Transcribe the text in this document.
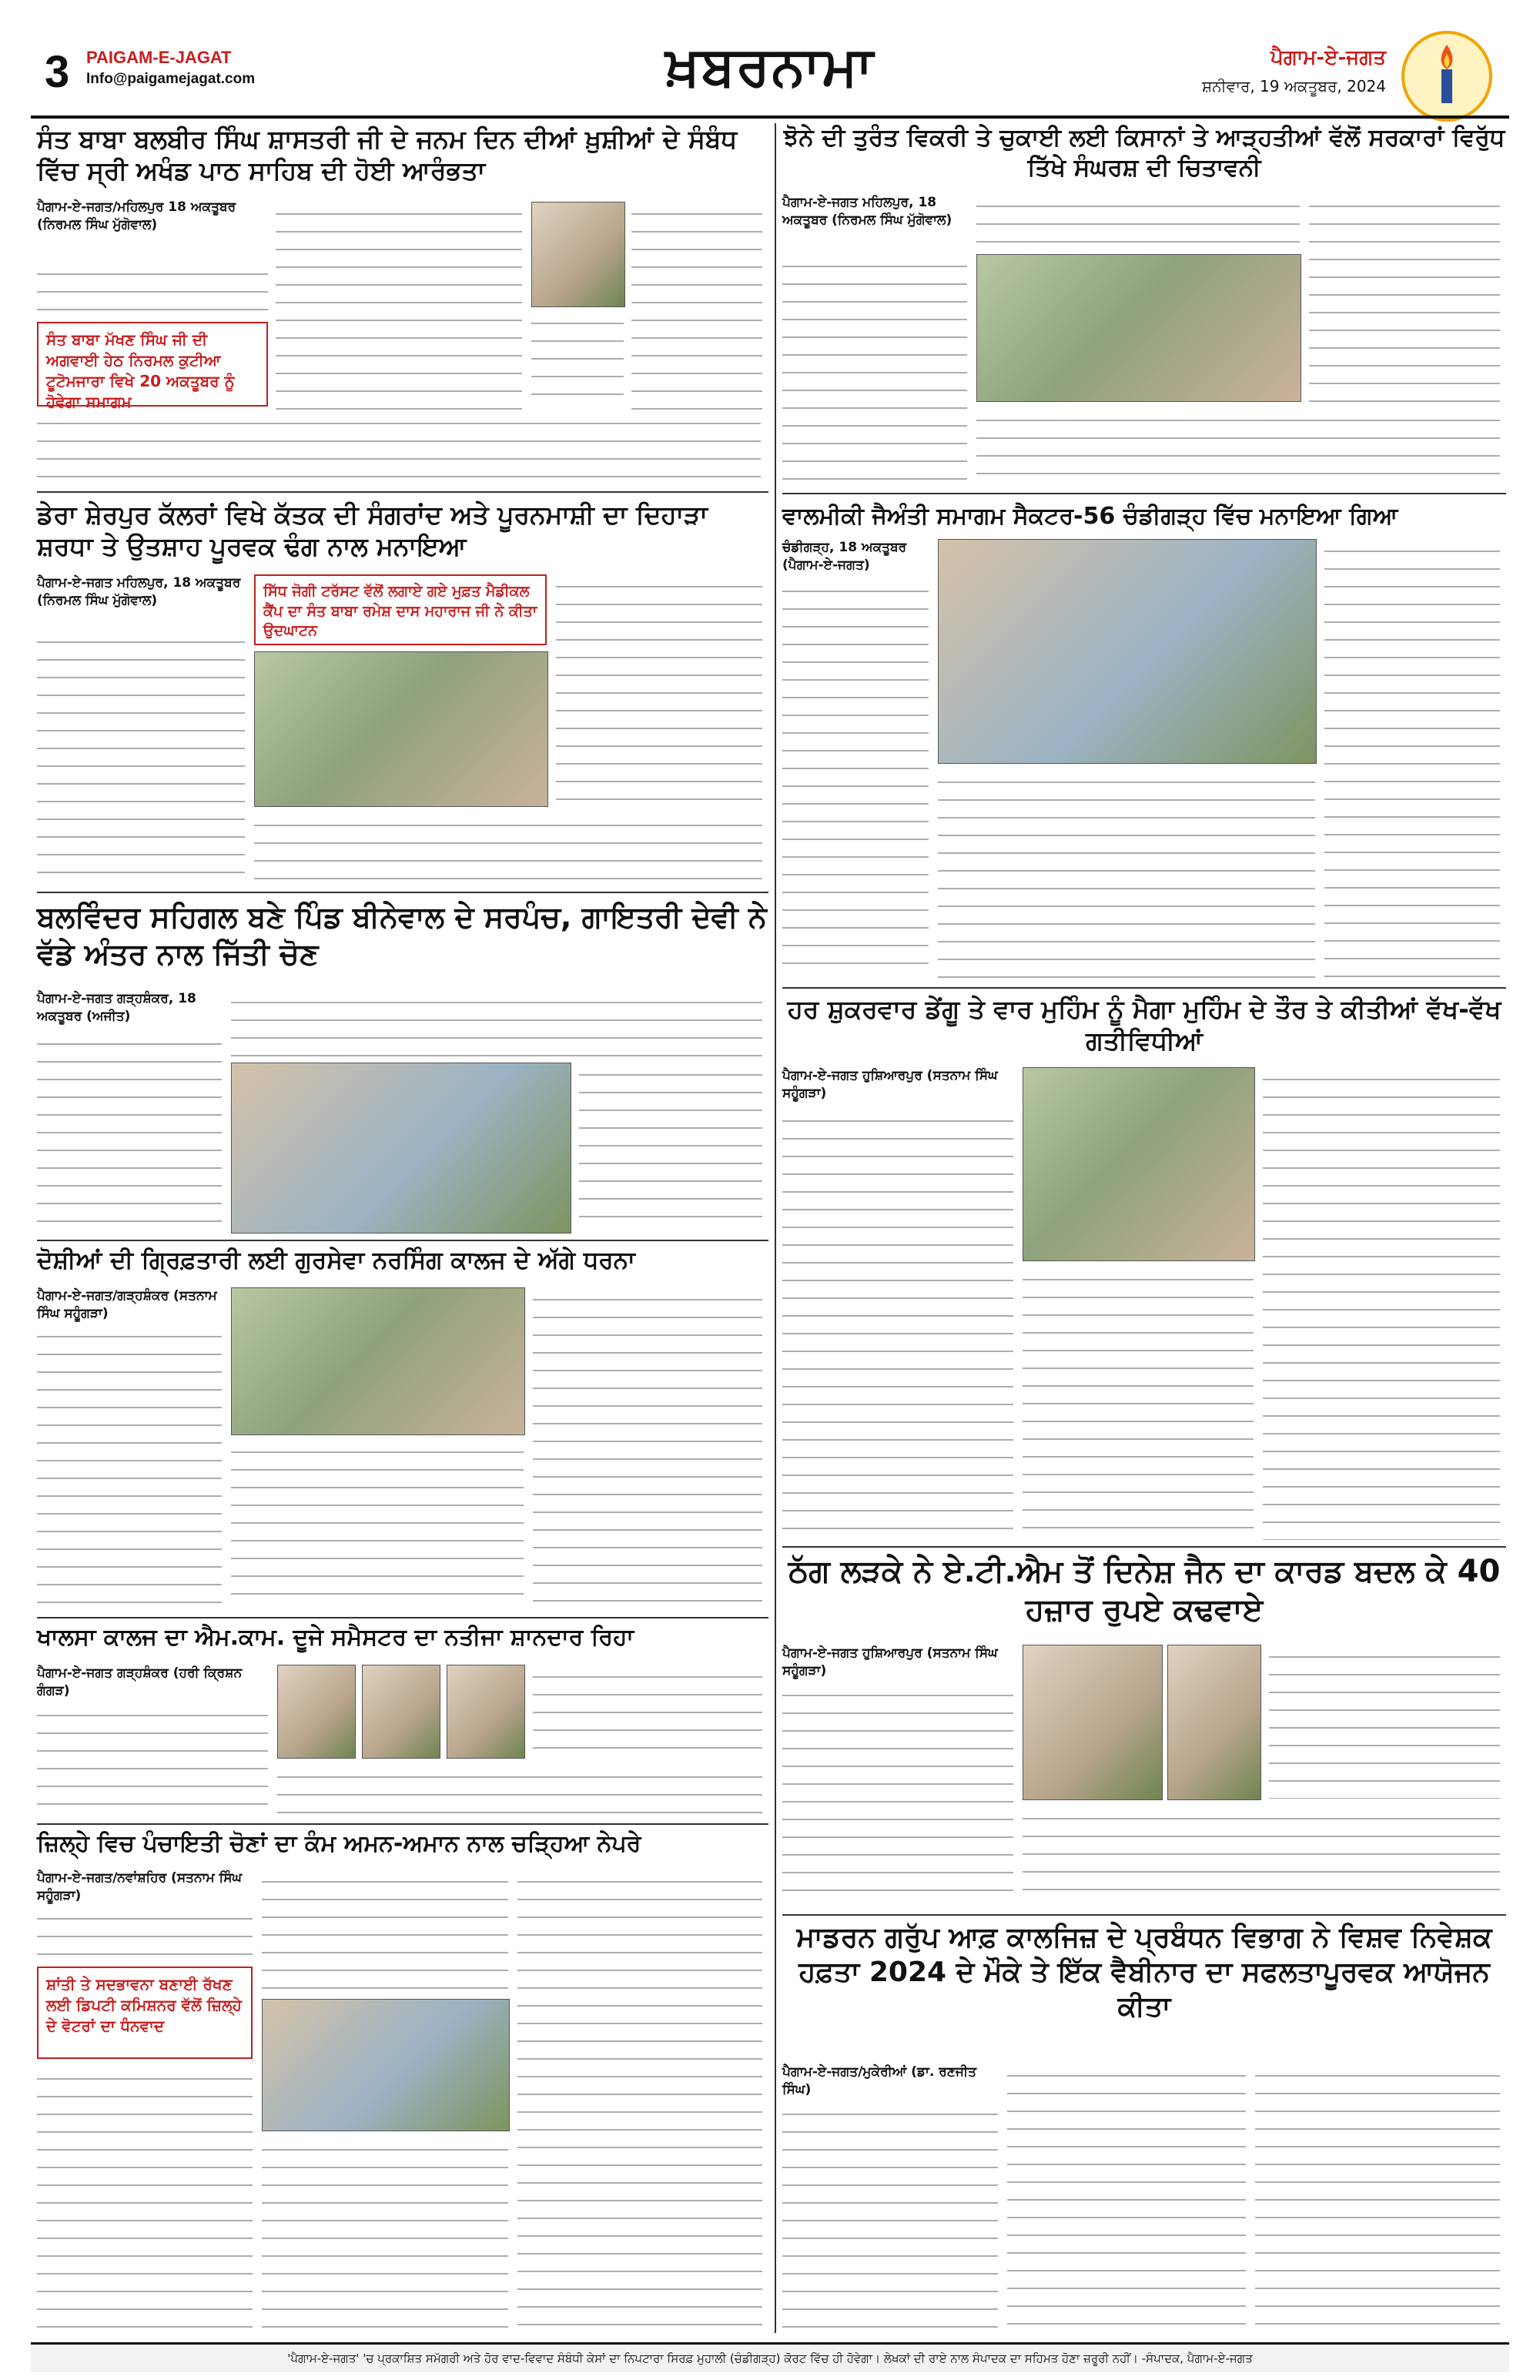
3 PAIGAM-E-JAGAT
Info@paigamejagat.com	ਖ਼ਬਰਨਾਮਾ	ਪੈਗਾਮ-ਏ-ਜਗਤ
ਸ਼ਨੀਵਾਰ, 19 ਅਕਤੂਬਰ, 2024
ਸੰਤ ਬਾਬਾ ਬਲਬੀਰ ਸਿੰਘ ਸ਼ਾਸਤਰੀ ਜੀ ਦੇ ਜਨਮ ਦਿਨ ਦੀਆਂ ਖ਼ੁਸ਼ੀਆਂ ਦੇ ਸੰਬੰਧ ਵਿੱਚ ਸ੍ਰੀ ਅਖੰਡ ਪਾਠ ਸਾਹਿਬ ਦੀ ਹੋਈ ਆਰੰਭਤਾ
ਪੈਗਾਮ-ਏ-ਜਗਤ/ਮਹਿਲਪੁਰ 18 ਅਕਤੂਬਰ (ਨਿਰਮਲ ਸਿੰਘ ਮੁੱਗੋਵਾਲ)
ਸੰਤ ਬਾਬਾ ਮੱਖਣ ਸਿੰਘ ਜੀ ਦੀ ਅਗਵਾਈ ਹੇਠ ਨਿਰਮਲ ਕੁਟੀਆ ਟੂਟੋਮਜਾਰਾ ਵਿਖੇ 20 ਅਕਤੂਬਰ ਨੂੰ ਹੋਵੇਗਾ ਸਮਾਗਮ
ਡੇਰਾ ਸ਼ੇਰਪੁਰ ਕੱਲਰਾਂ ਵਿਖੇ ਕੱਤਕ ਦੀ ਸੰਗਰਾਂਦ ਅਤੇ ਪੂਰਨਮਾਸ਼ੀ ਦਾ ਦਿਹਾੜਾ ਸ਼ਰਧਾ ਤੇ ਉਤਸ਼ਾਹ ਪੂਰਵਕ ਢੰਗ ਨਾਲ ਮਨਾਇਆ
ਪੈਗਾਮ-ਏ-ਜਗਤ ਮਹਿਲਪੁਰ, 18 ਅਕਤੂਬਰ (ਨਿਰਮਲ ਸਿੰਘ ਮੁੱਗੋਵਾਲ)
ਸਿੱਧ ਜੋਗੀ ਟਰੱਸਟ ਵੱਲੋਂ ਲਗਾਏ ਗਏ ਮੁਫ਼ਤ ਮੈਡੀਕਲ ਕੈਂਪ ਦਾ ਸੰਤ ਬਾਬਾ ਰਮੇਸ਼ ਦਾਸ ਮਹਾਰਾਜ ਜੀ ਨੇ ਕੀਤਾ ਉਦਘਾਟਨ
ਬਲਵਿੰਦਰ ਸਹਿਗਲ ਬਣੇ ਪਿੰਡ ਬੀਨੇਵਾਲ ਦੇ ਸਰਪੰਚ, ਗਾਇਤਰੀ ਦੇਵੀ ਨੇ ਵੱਡੇ ਅੰਤਰ ਨਾਲ ਜਿੱਤੀ ਚੋਣ
ਪੈਗਾਮ-ਏ-ਜਗਤ ਗੜ੍ਹਸ਼ੰਕਰ, 18 ਅਕਤੂਬਰ (ਅਜੀਤ)
ਦੋਸ਼ੀਆਂ ਦੀ ਗ੍ਰਿਫ਼ਤਾਰੀ ਲਈ ਗੁਰਸੇਵਾ ਨਰਸਿੰਗ ਕਾਲਜ ਦੇ ਅੱਗੇ ਧਰਨਾ
ਪੈਗਾਮ-ਏ-ਜਗਤ/ਗੜ੍ਹਸ਼ੰਕਰ (ਸਤਨਾਮ ਸਿੰਘ ਸਹੂੰਗੜਾ)
ਖਾਲਸਾ ਕਾਲਜ ਦਾ ਐਮ.ਕਾਮ. ਦੂਜੇ ਸਮੈਸਟਰ ਦਾ ਨਤੀਜਾ ਸ਼ਾਨਦਾਰ ਰਿਹਾ
ਪੈਗਾਮ-ਏ-ਜਗਤ ਗੜ੍ਹਸ਼ੰਕਰ (ਹਰੀ ਕ੍ਰਿਸ਼ਨ ਗੰਗੜ)
ਜ਼ਿਲ੍ਹੇ ਵਿਚ ਪੰਚਾਇਤੀ ਚੋਣਾਂ ਦਾ ਕੰਮ ਅਮਨ-ਅਮਾਨ ਨਾਲ ਚੜ੍ਹਿਆ ਨੇਪਰੇ
ਪੈਗਾਮ-ਏ-ਜਗਤ/ਨਵਾਂਸ਼ਹਿਰ (ਸਤਨਾਮ ਸਿੰਘ ਸਹੂੰਗੜਾ)
ਸ਼ਾਂਤੀ ਤੇ ਸਦਭਾਵਨਾ ਬਣਾਈ ਰੱਖਣ ਲਈ ਡਿਪਟੀ ਕਮਿਸ਼ਨਰ ਵੱਲੋਂ ਜ਼ਿਲ੍ਹੇ ਦੇ ਵੋਟਰਾਂ ਦਾ ਧੰਨਵਾਦ
ਝੋਨੇ ਦੀ ਤੁਰੰਤ ਵਿਕਰੀ ਤੇ ਚੁਕਾਈ ਲਈ ਕਿਸਾਨਾਂ ਤੇ ਆੜ੍ਹਤੀਆਂ ਵੱਲੋਂ ਸਰਕਾਰਾਂ ਵਿਰੁੱਧ ਤਿੱਖੇ ਸੰਘਰਸ਼ ਦੀ ਚਿਤਾਵਨੀ
ਪੈਗਾਮ-ਏ-ਜਗਤ ਮਹਿਲਪੁਰ, 18 ਅਕਤੂਬਰ (ਨਿਰਮਲ ਸਿੰਘ ਮੁੱਗੋਵਾਲ)
ਵਾਲਮੀਕੀ ਜੈਅੰਤੀ ਸਮਾਗਮ ਸੈਕਟਰ-56 ਚੰਡੀਗੜ੍ਹ ਵਿੱਚ ਮਨਾਇਆ ਗਿਆ
ਚੰਡੀਗੜ੍ਹ, 18 ਅਕਤੂਬਰ (ਪੈਗਾਮ-ਏ-ਜਗਤ)
ਹਰ ਸ਼ੁਕਰਵਾਰ ਡੇਂਗੂ ਤੇ ਵਾਰ ਮੁਹਿੰਮ ਨੂੰ ਮੈਗਾ ਮੁਹਿੰਮ ਦੇ ਤੌਰ ਤੇ ਕੀਤੀਆਂ ਵੱਖ-ਵੱਖ ਗਤੀਵਿਧੀਆਂ
ਪੈਗਾਮ-ਏ-ਜਗਤ ਹੁਸ਼ਿਆਰਪੁਰ (ਸਤਨਾਮ ਸਿੰਘ ਸਹੂੰਗੜਾ)
ਠੱਗ ਲੜਕੇ ਨੇ ਏ.ਟੀ.ਐਮ ਤੋਂ ਦਿਨੇਸ਼ ਜੈਨ ਦਾ ਕਾਰਡ ਬਦਲ ਕੇ 40 ਹਜ਼ਾਰ ਰੁਪਏ ਕਢਵਾਏ
ਪੈਗਾਮ-ਏ-ਜਗਤ ਹੁਸ਼ਿਆਰਪੁਰ (ਸਤਨਾਮ ਸਿੰਘ ਸਹੂੰਗੜਾ)
ਮਾਡਰਨ ਗਰੁੱਪ ਆਫ਼ ਕਾਲਜਿਜ਼ ਦੇ ਪ੍ਰਬੰਧਨ ਵਿਭਾਗ ਨੇ ਵਿਸ਼ਵ ਨਿਵੇਸ਼ਕ ਹਫ਼ਤਾ 2024 ਦੇ ਮੌਕੇ ਤੇ ਇੱਕ ਵੈਬੀਨਾਰ ਦਾ ਸਫਲਤਾਪੂਰਵਕ ਆਯੋਜਨ ਕੀਤਾ
ਪੈਗਾਮ-ਏ-ਜਗਤ/ਮੁਕੇਰੀਆਂ (ਡਾ. ਰਣਜੀਤ ਸਿੰਘ)
'ਪੈਗਾਮ-ਏ-ਜਗਤ' 'ਚ ਪ੍ਰਕਾਸ਼ਿਤ ਸਮੱਗਰੀ ਅਤੇ ਹੋਰ ਵਾਦ-ਵਿਵਾਦ ਸੰਬੰਧੀ ਕੇਸਾਂ ਦਾ ਨਿਪਟਾਰਾ ਸਿਰਫ਼ ਮੁਹਾਲੀ (ਚੰਡੀਗੜ੍ਹ) ਕੋਰਟ ਵਿੱਚ ਹੀ ਹੋਵੇਗਾ। ਲੇਖਕਾਂ ਦੀ ਰਾਏ ਨਾਲ ਸੰਪਾਦਕ ਦਾ ਸਹਿਮਤ ਹੋਣਾ ਜ਼ਰੂਰੀ ਨਹੀਂ। -ਸੰਪਾਦਕ, ਪੈਗਾਮ-ਏ-ਜਗਤ
